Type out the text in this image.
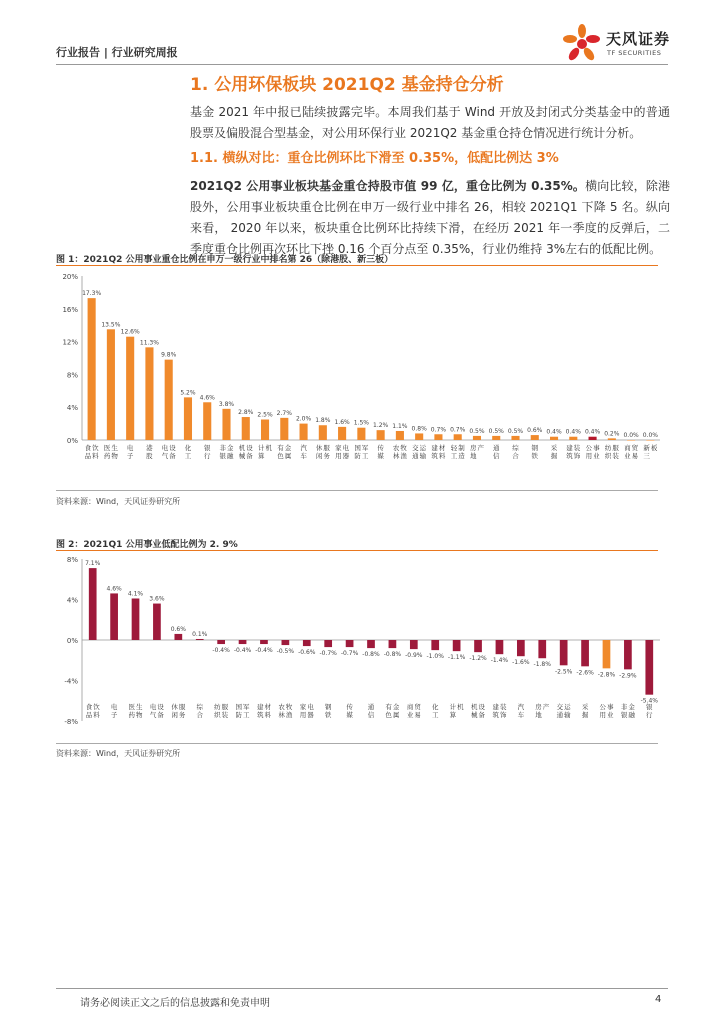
行业报告 | 行业研究周报
天风证券
TF SECURITIES
1. 公用环保板块 2021Q2 基金持仓分析
基金 2021 年中报已陆续披露完毕。本周我们基于 Wind 开放及封闭式分类基金中的普通股票及偏股混合型基金，对公用环保行业 2021Q2 基金重仓持仓情况进行统计分析。
1.1. 横纵对比：重仓比例环比下滑至 0.35%，低配比例达 3%
2021Q2 公用事业板块基金重仓持股市值 99 亿，重仓比例为 0.35%。横向比较，除港股外，公用事业板块重仓比例在申万一级行业中排名 26，相较 2021Q1 下降 5 名。纵向来看， 2020 年以来，板块重仓比例环比持续下滑，在经历 2021 年一季度的反弹后，二季度重仓比例再次环比下挫 0.16 个百分点至 0.35%，行业仍维持 3%左右的低配比例。
图 1：2021Q2 公用事业重仓比例在申万一级行业中排名第 26（除港股、新三板）
0%
4%
8%
12%
16%
20%
17.3%
食品饮料
13.5%
医药生物
12.6%
电子
11.3%
港股
9.8%
电气设备
5.2%
化工
4.6%
银行
3.8%
非银金融
2.8%
机械设备
2.5%
计算机
2.7%
有色金属
2.0%
汽车
1.8%
休闲服务
1.6%
家用电器
1.5%
国防军工
1.2%
传媒
1.1%
农林牧渔
0.8%
交通运输
0.7%
建筑材料
0.7%
轻工制造
0.5%
房地产
0.5%
通信
0.5%
综合
0.6%
钢铁
0.4%
采掘
0.4%
建筑装饰
0.4%
公用事业
0.2%
纺织服装
0.0%
商业贸易
0.0%
新三板
资料来源：Wind，天风证券研究所
图 2：2021Q1 公用事业低配比例为 2. 9%
-8%
-4%
0%
4%
8% 7.1%
食品饮料
4.6%
电子
4.1%
医药生物
3.6%
电气设备
0.6%
休闲服务
0.1%
综合
-0.4%
纺织服装
-0.4%
国防军工
-0.4%
建筑材料
-0.5%
农林牧渔
-0.6%
家用电器
-0.7%
钢铁
-0.7%
传媒
-0.8%
通信
-0.8%
有色金属
-0.9%
商业贸易
-1.0%
化工
-1.1%
计算机
-1.2%
机械设备
-1.4%
建筑装饰
-1.6%
汽车
-1.8%
房地产
-2.5%
交通运输
-2.6%
采掘
-2.8%
公用事业
-2.9%
非银金融
-5.4%
银行
资料来源：Wind，天风证券研究所
请务必阅读正文之后的信息披露和免责申明	4
